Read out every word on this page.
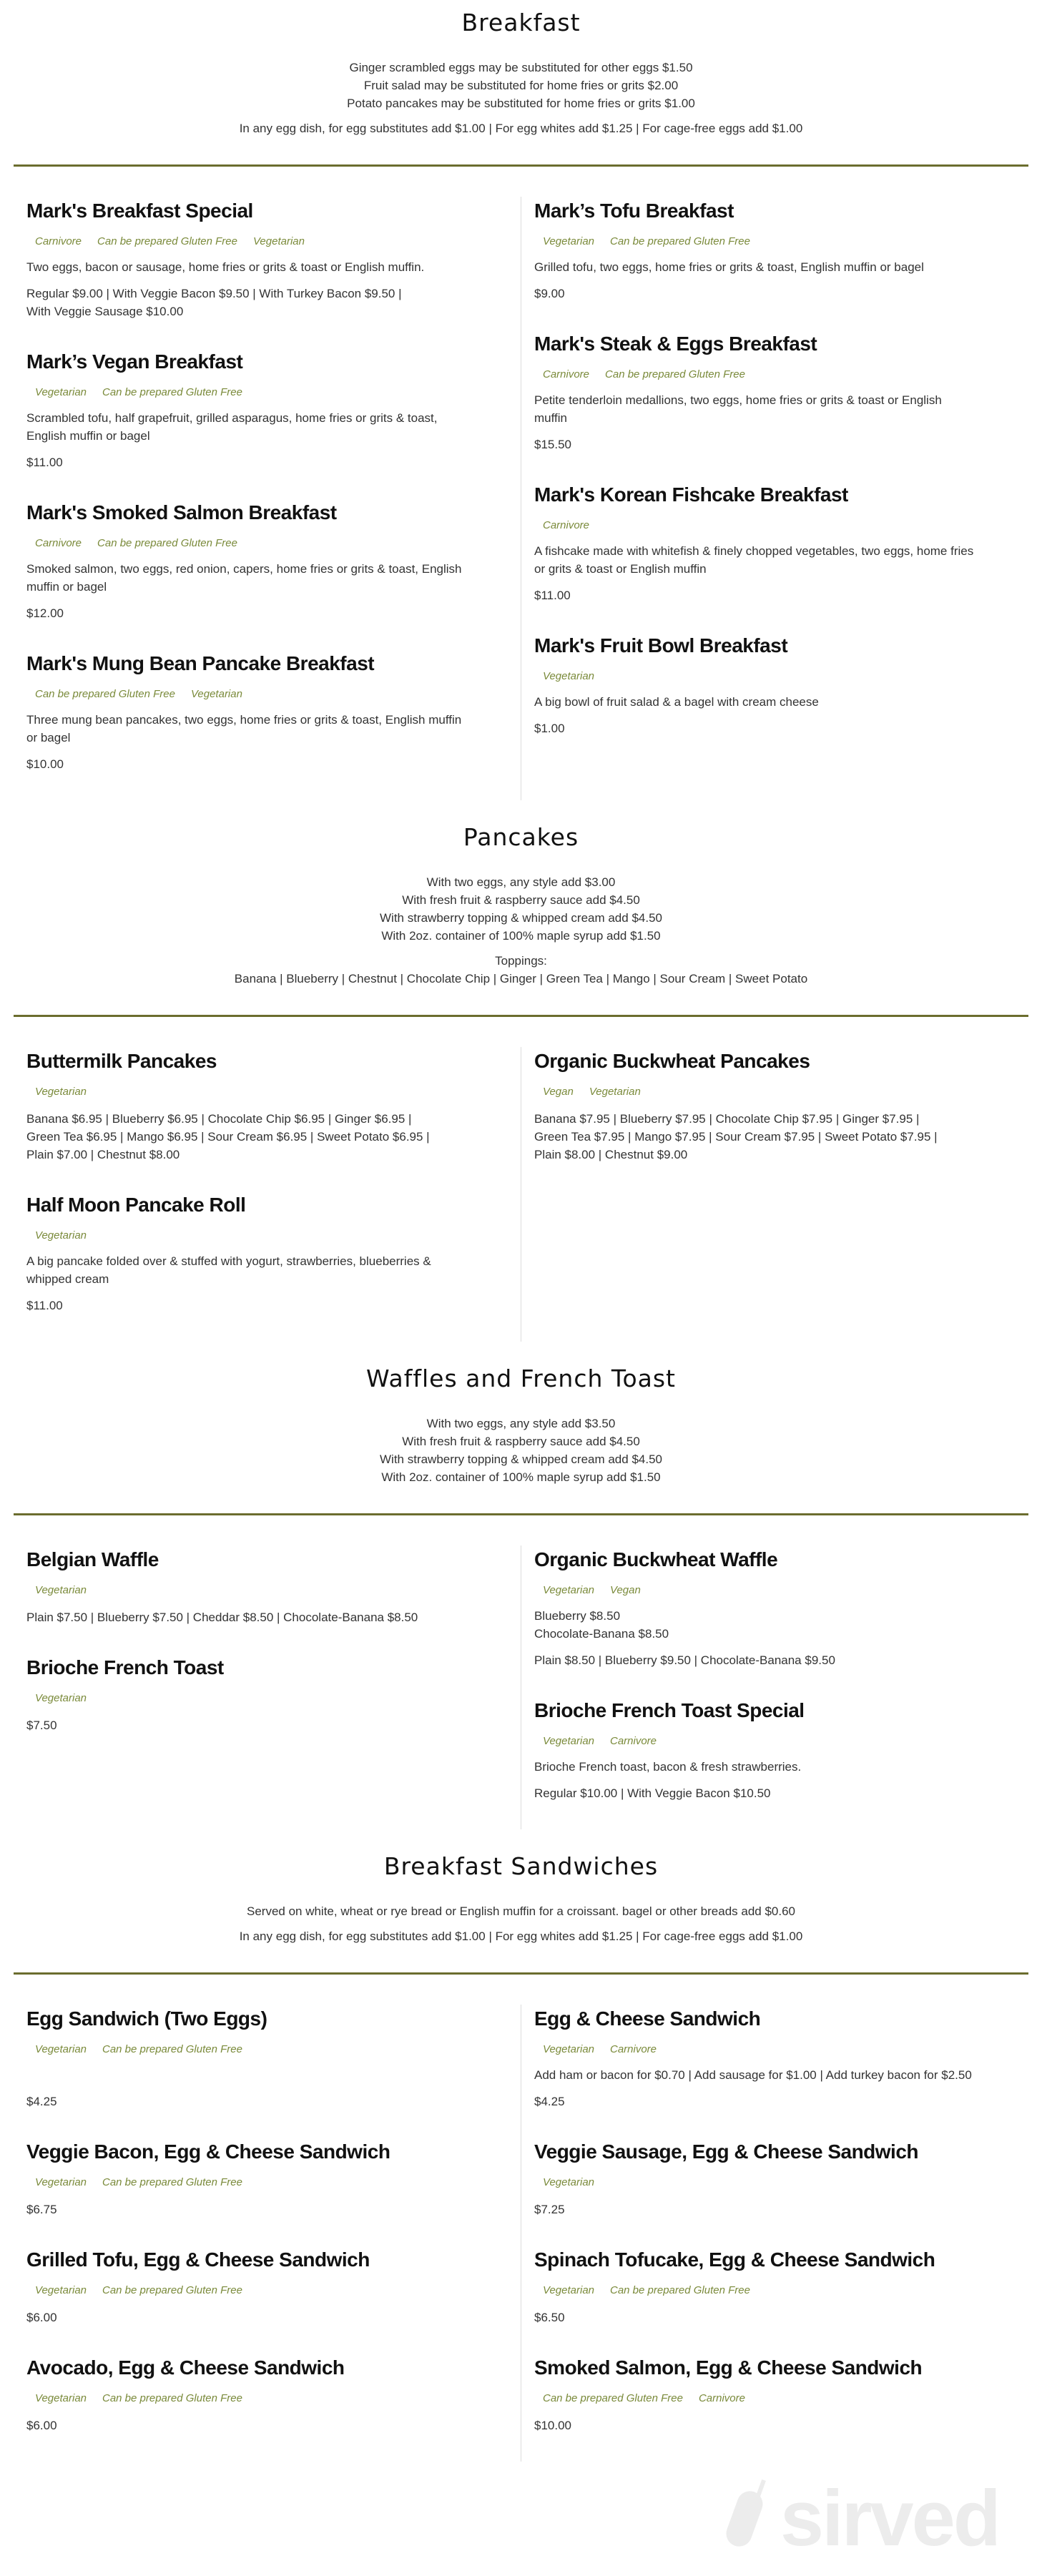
Breakfast
Ginger scrambled eggs may be substituted for other eggs $1.50
Fruit salad may be substituted for home fries or grits $2.00
Potato pancakes may be substituted for home fries or grits $1.00
In any egg dish, for egg substitutes add $1.00 | For egg whites add $1.25 | For cage-free eggs add $1.00
Mark's Breakfast Special
Carnivore Can be prepared Gluten Free Vegetarian
Two eggs, bacon or sausage, home fries or grits & toast or English muffin.
Regular $9.00 | With Veggie Bacon $9.50 | With Turkey Bacon $9.50 |
With Veggie Sausage $10.00
Mark’s Vegan Breakfast
Vegetarian Can be prepared Gluten Free
Scrambled tofu, half grapefruit, grilled asparagus, home fries or grits & toast,
English muffin or bagel
$11.00
Mark's Smoked Salmon Breakfast
Carnivore Can be prepared Gluten Free
Smoked salmon, two eggs, red onion, capers, home fries or grits & toast, English
muffin or bagel
$12.00
Mark's Mung Bean Pancake Breakfast
Can be prepared Gluten Free Vegetarian
Three mung bean pancakes, two eggs, home fries or grits & toast, English muffin
or bagel
$10.00
Mark’s Tofu Breakfast
Vegetarian Can be prepared Gluten Free
Grilled tofu, two eggs, home fries or grits & toast, English muffin or bagel
$9.00
Mark's Steak & Eggs Breakfast
Carnivore Can be prepared Gluten Free
Petite tenderloin medallions, two eggs, home fries or grits & toast or English
muffin
$15.50
Mark's Korean Fishcake Breakfast
Carnivore
A fishcake made with whitefish & finely chopped vegetables, two eggs, home fries
or grits & toast or English muffin
$11.00
Mark's Fruit Bowl Breakfast
Vegetarian
A big bowl of fruit salad & a bagel with cream cheese
$1.00
Pancakes
With two eggs, any style add $3.00
With fresh fruit & raspberry sauce add $4.50
With strawberry topping & whipped cream add $4.50
With 2oz. container of 100% maple syrup add $1.50
Toppings:
Banana | Blueberry | Chestnut | Chocolate Chip | Ginger | Green Tea | Mango | Sour Cream | Sweet Potato
Buttermilk Pancakes
Vegetarian
Banana $6.95 | Blueberry $6.95 | Chocolate Chip $6.95 | Ginger $6.95 |
Green Tea $6.95 | Mango $6.95 | Sour Cream $6.95 | Sweet Potato $6.95 |
Plain $7.00 | Chestnut $8.00
Half Moon Pancake Roll
Vegetarian
A big pancake folded over & stuffed with yogurt, strawberries, blueberries &
whipped cream
$11.00
Organic Buckwheat Pancakes
Vegan Vegetarian
Banana $7.95 | Blueberry $7.95 | Chocolate Chip $7.95 | Ginger $7.95 |
Green Tea $7.95 | Mango $7.95 | Sour Cream $7.95 | Sweet Potato $7.95 |
Plain $8.00 | Chestnut $9.00
Waffles and French Toast
With two eggs, any style add $3.50
With fresh fruit & raspberry sauce add $4.50
With strawberry topping & whipped cream add $4.50
With 2oz. container of 100% maple syrup add $1.50
Belgian Waffle
Vegetarian
Plain $7.50 | Blueberry $7.50 | Cheddar $8.50 | Chocolate-Banana $8.50
Brioche French Toast
Vegetarian
$7.50
Organic Buckwheat Waffle
Vegetarian Vegan
Blueberry $8.50
Chocolate-Banana $8.50
Plain $8.50 | Blueberry $9.50 | Chocolate-Banana $9.50
Brioche French Toast Special
Vegetarian Carnivore
Brioche French toast, bacon & fresh strawberries.
Regular $10.00 | With Veggie Bacon $10.50
Breakfast Sandwiches
Served on white, wheat or rye bread or English muffin for a croissant. bagel or other breads add $0.60
In any egg dish, for egg substitutes add $1.00 | For egg whites add $1.25 | For cage-free eggs add $1.00
Egg Sandwich (Two Eggs)
Vegetarian Can be prepared Gluten Free
$4.25
Veggie Bacon, Egg & Cheese Sandwich
Vegetarian Can be prepared Gluten Free
$6.75
Grilled Tofu, Egg & Cheese Sandwich
Vegetarian Can be prepared Gluten Free
$6.00
Avocado, Egg & Cheese Sandwich
Vegetarian Can be prepared Gluten Free
$6.00
Egg & Cheese Sandwich
Vegetarian Carnivore
Add ham or bacon for $0.70 | Add sausage for $1.00 | Add turkey bacon for $2.50
$4.25
Veggie Sausage, Egg & Cheese Sandwich
Vegetarian
$7.25
Spinach Tofucake, Egg & Cheese Sandwich
Vegetarian Can be prepared Gluten Free
$6.50
Smoked Salmon, Egg & Cheese Sandwich
Can be prepared Gluten Free Carnivore
$10.00
sirved
